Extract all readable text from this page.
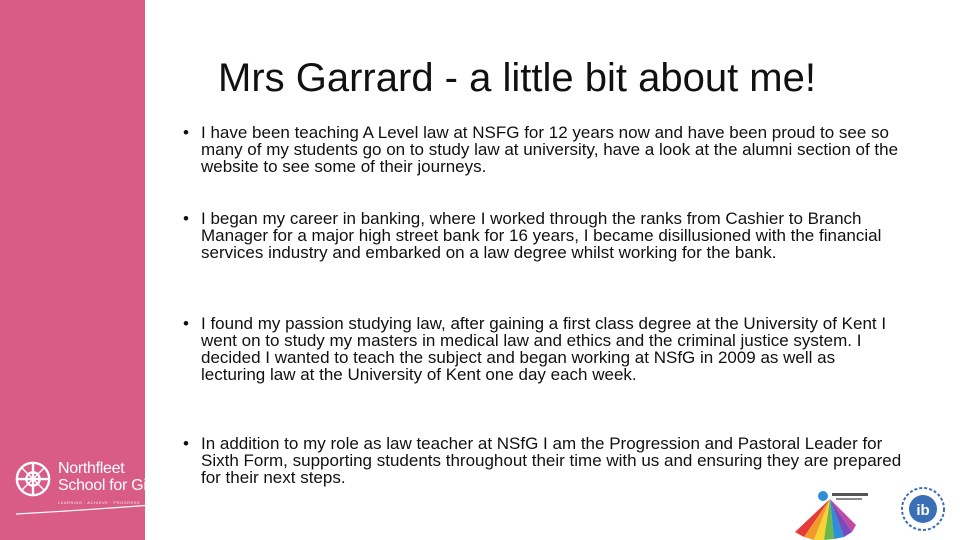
Northfleet
School for Girls
LEARNING · ACHIEVE · PROGRESS
Mrs Garrard - a little bit about me!
• I have been teaching A Level law at NSFG for 12 years now and have been proud to see so many of my students go on to study law at university, have a look at the alumni section of the website to see some of their journeys.
• I began my career in banking, where I worked through the ranks from Cashier to Branch Manager for a major high street bank for 16 years, I became disillusioned with the financial services industry and embarked on a law degree whilst working for the bank.
• I found my passion studying law, after gaining a first class degree at the University of Kent I went on to study my masters in medical law and ethics and the criminal justice system. I decided I wanted to teach the subject and began working at NSfG in 2009 as well as lecturing law at the University of Kent one day each week.
• In addition to my role as law teacher at NSfG I am the Progression and Pastoral Leader for Sixth Form, supporting students throughout their time with us and ensuring they are prepared for their next steps.
ib
